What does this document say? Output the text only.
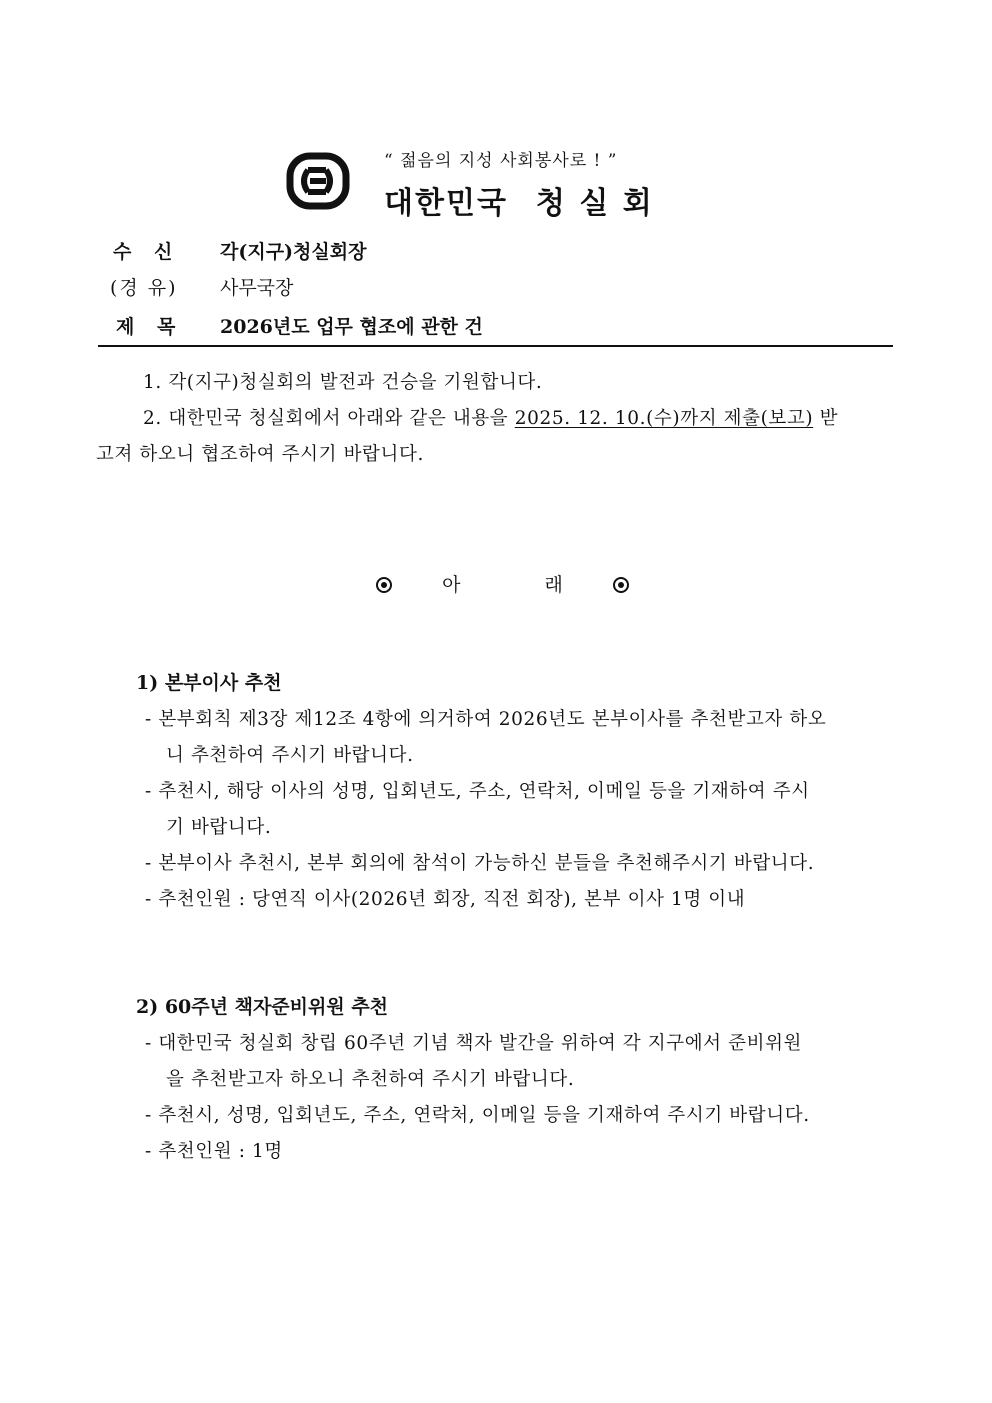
“ 젊음의 지성 사회봉사로 ! ”
대한민국 청 실 회
수 신 각(지구)청실회장
(경 유) 사무국장
제 목 2026년도 업무 협조에 관한 건
1. 각(지구)청실회의 발전과 건승을 기원합니다.
2. 대한민국 청실회에서 아래와 같은 내용을 2025. 12. 10.(수)까지 제출(보고) 받
고져 하오니 협조하여 주시기 바랍니다.
아	래
1) 본부이사 추천
- 본부회칙 제3장 제12조 4항에 의거하여 2026년도 본부이사를 추천받고자 하오
니 추천하여 주시기 바랍니다.
- 추천시, 해당 이사의 성명, 입회년도, 주소, 연락처, 이메일 등을 기재하여 주시
기 바랍니다.
- 본부이사 추천시, 본부 회의에 참석이 가능하신 분들을 추천해주시기 바랍니다.
- 추천인원 : 당연직 이사(2026년 회장, 직전 회장), 본부 이사 1명 이내
2) 60주년 책자준비위원 추천
- 대한민국 청실회 창립 60주년 기념 책자 발간을 위하여 각 지구에서 준비위원
을 추천받고자 하오니 추천하여 주시기 바랍니다.
- 추천시, 성명, 입회년도, 주소, 연락처, 이메일 등을 기재하여 주시기 바랍니다.
- 추천인원 : 1명
